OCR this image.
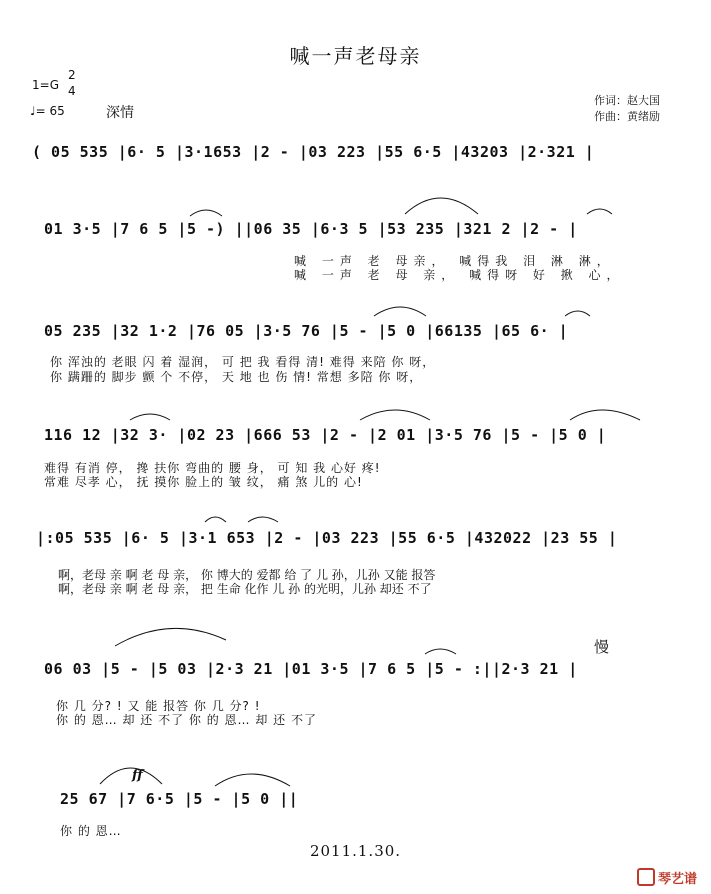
喊一声老母亲
1=G
2
4
♩= 65	深情
作词：赵大国
作曲：黄绪励
( 05 535 |6· 5 |3·1653 |2 - |03 223 |55 6·5 |43203 |2·321 |
01 3·5 |7 6 5 |5 -) ||06 35 |6·3 5 |53 235 |321 2 |2 - |
喊 一声 老 母亲， 喊得我 泪 淋 淋，
喊 一声 老 母 亲， 喊得呀 好 揪 心，
05 235 |32 1·2 |76 05 |3·5 76 |5 - |5 0 |66135 |65 6· |
你 浑浊的 老眼 闪 着 湿润， 可 把 我 看得 清! 难得 来陪 你 呀，
你 蹒跚的 脚步 颤 个 不停， 天 地 也 伤 情! 常想 多陪 你 呀，
116 12 |32 3· |02 23 |666 53 |2 - |2 01 |3·5 76 |5 - |5 0 |
难得 有消 停， 搀 扶你 弯曲的 腰 身， 可 知 我 心好 疼!
常难 尽孝 心， 抚 摸你 脸上的 皱 纹， 痛 煞 儿的 心!
|:05 535 |6· 5 |3·1 653 |2 - |03 223 |55 6·5 |432022 |23 55 |
啊，老母 亲 啊 老 母 亲， 你 博大的 爱都 给 了 儿 孙，儿孙 又能 报答
啊，老母 亲 啊 老 母 亲， 把 生命 化作 儿 孙 的光明，儿孙 却还 不了
慢
06 03 |5 - |5 03 |2·3 21 |01 3·5 |7 6 5 |5 - :||2·3 21 |
你 几 分? ! 又 能 报答 你 几 分? !
你 的 恩… 却 还 不了 你 的 恩… 却 还 不了
ff
25 67 |7 6·5 |5 - |5 0 ||
你 的 恩…
2011.1.30.
琴艺谱
